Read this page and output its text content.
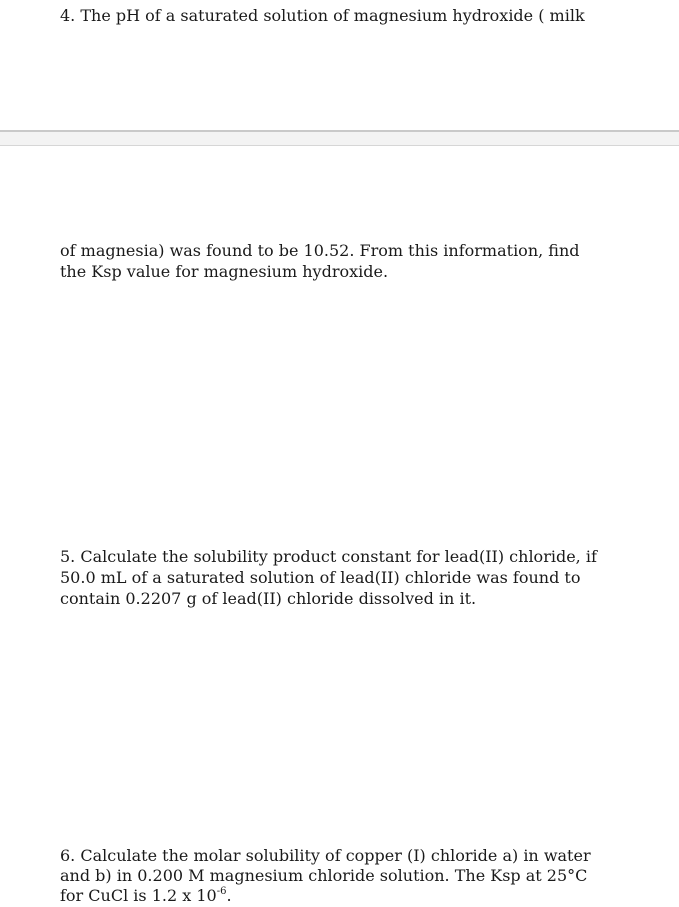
4. The pH of a saturated solution of magnesium hydroxide ( milk

of magnesia) was found to be 10.52. From this information, find

the Ksp value for magnesium hydroxide.

5. Calculate the solubility product constant for lead(II) chloride, if

50.0 mL of a saturated solution of lead(II) chloride was found to

contain 0.2207 g of lead(II) chloride dissolved in it.

6. Calculate the molar solubility of copper (I) chloride a) in water

and b) in 0.200 M magnesium chloride solution. The Ksp at 25°C

for CuCl is 1.2 x $10^{-6}$.
